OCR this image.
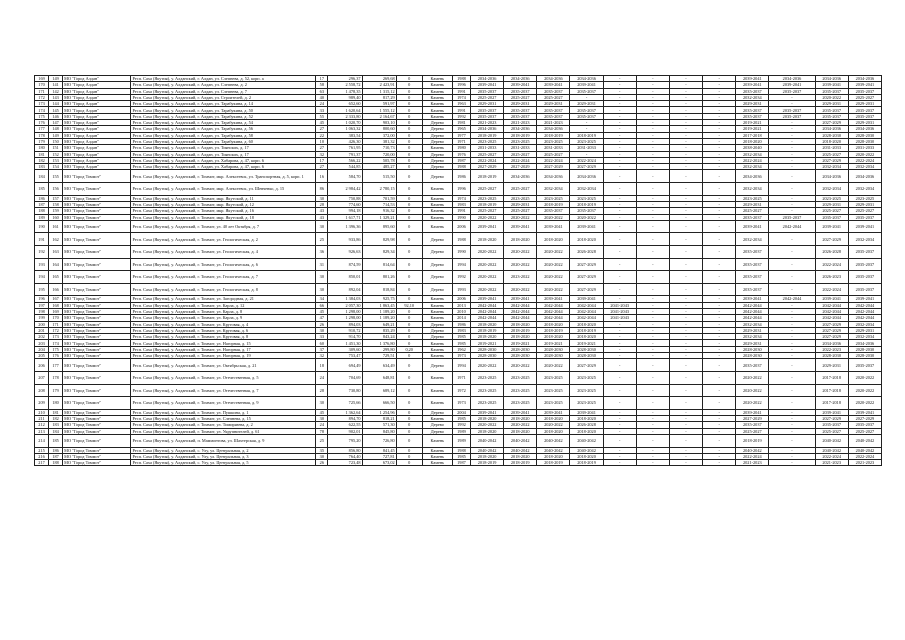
169	149	МО "Город Алдан"	Респ. Саха (Якутия), у. Алданский, г. Алдан, ул. Слепнева, д. 52, корп. а	17	296,37	269,68	0	Камень	1988	2034-2036	2034-2036	2034-2036	2034-2036	-	-	-	-	2039-2041	2034-2036	2034-2036	2034-2036
170	141	МО "Город Алдан"	Респ. Саха (Якутия), у. Алданский, г. Алдан, ул. Слепнева, д. 2	58	2 558,72	2 423,91	0	Камень	1996	2039-2041	2039-2041	2039-2041	2039-2041	-	-	-	-	2039-2041	2039-2041	2039-2041	2039-2041
171	142	МО "Город Алдан"	Респ. Саха (Якутия), у. Алданский, г. Алдан, ул. Слепнева, д. 7	63	1 478,35	1 315,12	0	Камень	1991	2035-2037	2035-2037	2035-2037	2035-2037	-	-	-	-	2035-2037	2035-2037	2035-2037	2035-2037
172	143	МО "Город Алдан"	Респ. Саха (Якутия), у. Алданский, г. Алдан, ул. Строителей, д. 2	40	989,40	817,29	0	Камень	1974	2025-2027	2025-2027	2025-2027	-	-	-	-	-	2032-2034	-	2020-2022	2025-2027
173	144	МО "Город Алдан"	Респ. Саха (Якутия), у. Алданский, г. Алдан, ул. Тарабукина, д. 14	24	652,60	591,97	0	Камень	1963	2029-2031	2029-2031	2029-2031	2029-2031	-	-	-	-	2029-2031	-	2029-2031	2029-2031
174	145	МО "Город Алдан"	Респ. Саха (Якутия), у. Алданский, г. Алдан, ул. Тарабукина, д. 50	33	1 620,64	1 555,12	0	Камень	1991	2035-2037	2035-2037	2035-2037	2035-2037	-	-	-	-	2035-2037	2035-2037	2035-2037	2035-2037
175	146	МО "Город Алдан"	Респ. Саха (Якутия), у. Алданский, г. Алдан, ул. Тарабукина, д. 52	55	2 333,80	2 164,67	0	Камень	1992	2035-2037	2035-2037	2035-2037	2035-2037	-	-	-	-	2035-2037	2035-2037	2035-2037	2035-2037
176	147	МО "Город Алдан"	Респ. Саха (Якутия), у. Алданский, г. Алдан, ул. Тарабукина, д. 54	45	1 020,70	903,10	0	Дерево	1981	2021-2023	2021-2023	2021-2023	-	-	-	-	-	2019-2021	-	2027-2029	2029-2031
177	148	МО "Город Алдан"	Респ. Саха (Якутия), у. Алданский, г. Алдан, ул. Тарабукина, д. 56	27	1 063,32	800,60	0	Дерево	1965	2034-2036	2034-2036	2034-2036	-	-	-	-	-	2019-2021	-	2034-2036	2034-2036
178	149	МО "Город Алдан"	Респ. Саха (Якутия), у. Алданский, г. Алдан, ул. Тарабукина, д. 58	22	383,54	372,00	0	Дерево	1977	2018-2019	2018-2019	2018-2019	2018-2019	-	-	-	-	2017-2018	-	2028-2030	2028-2030
179	150	МО "Город Алдан"	Респ. Саха (Якутия), у. Алданский, г. Алдан, ул. Тарабукина, д. 60	10	426,30	381,32	0	Дерево	1971	2023-2025	2023-2025	2023-2025	2023-2025	-	-	-	-	2018-2020	-	2018-2020	2028-2030
180	151	МО "Город Алдан"	Респ. Саха (Якутия), у. Алданский, г. Алдан, ул. Тоянских, д. 17	27	761,95	710,73	0	Камень	1980	2031-2033	2031-2033	2031-2033	2031-2033	-	-	-	-	2038-2040	-	2031-2033	2031-2033
181	152	МО "Город Алдан"	Респ. Саха (Якутия), у. Алданский, г. Алдан, ул. Тоянских, д. 17	32	791,37	720,00	0	Дерево	1976	2025-2027	2025-2027	2025-2027	-	-	-	-	-	2032-2034	-	2025-2027	2020-2022
182	153	МО "Город Алдан"	Респ. Саха (Якутия), у. Алданский, г. Алдан, ул. Хабарова, д. 47, корп. 6	17	566,22	505,78	0	Дерево	1987	2022-2024	2022-2024	2022-2024	2022-2024	-	-	-	-	2022-2024	-	2027-2029	2022-2024
183	154	МО "Город Алдан"	Респ. Саха (Якутия), у. Алданский, г. Алдан, ул. Хабарова, д. 47, корп. 6	27	544,85	485,27	0	Дерево	1988	2027-2029	2027-2029	2027-2029	2027-2029	-	-	-	-	2032-2034	-	2032-2034	2032-2034
184	155	МО "Город Томмот"	Респ. Саха (Якутия), у. Алданский, г. Томмот, мкр. Алексеевск, ул. Транспортная, д. 5, корп. 1	16	584,70	515,50	0	Дерево	1986	2018-2019	2034-2036	2034-2036	2034-2036	-	-	-	-	2034-2036	-	2034-2036	2034-2036
185	156	МО "Город Томмот"	Респ. Саха (Якутия), у. Алданский, г. Томмот, мкр. Алексеевск, ул. Шевченко, д. 15	86	2 984,42	2 780,15	0	Камень	1996	2025-2027	2025-2027	2032-2034	2032-2034	-	-	-	-	2032-2034	-	2032-2034	2032-2034
186	157	МО "Город Томмот"	Респ. Саха (Якутия), у. Алданский, г. Томмот, мкр. Якутский, д. 11	30	750,88	701,59	0	Камень	1974	2023-2025	2023-2025	2023-2025	2023-2025	-	-	-	-	2023-2025	-	2023-2025	2023-2025
187	158	МО "Город Томмот"	Респ. Саха (Якутия), у. Алданский, г. Томмот, мкр. Якутский, д. 12	28	774,60	714,53	0	Камень	1983	2018-2019	2029-2031	2018-2019	2018-2019	-	-	-	-	2029-2031	-	2029-2031	2029-2031
188	159	МО "Город Томмот"	Респ. Саха (Якутия), у. Алданский, г. Томмот, мкр. Якутский, д. 16	43	994,18	916,32	0	Камень	1991	2025-2027	2025-2027	2035-2037	2035-2037	-	-	-	-	2025-2027	-	2025-2027	2025-2027
189	160	МО "Город Томмот"	Респ. Саха (Якутия), у. Алданский, г. Томмот, мкр. Якутский, д. 18	43	1 617,71	1 329,21	0	Камень	1990	2020-2022	2020-2022	2020-2022	2020-2022	-	-	-	-	2035-2037	2035-2037	2035-2037	2035-2037
190	161	МО "Город Томмот"	Респ. Саха (Якутия), у. Алданский, г. Томмот, ул. 40 лет Октября, д. 7	30	1 396,36	895,60	0	Камень	2006	2039-2041	2039-2041	2039-2041	2039-2041	-	-	-	-	2039-2041	2042-2044	2039-2041	2039-2041
191	162	МО "Город Томмот"	Респ. Саха (Якутия), у. Алданский, г. Томмот, ул. Геологическая, д. 2	25	933,86	829,98	0	Дерево	1988	2018-2020	2018-2020	2018-2020	2018-2020	-	-	-	-	2032-2034	-	2027-2029	2032-2034
192	163	МО "Город Томмот"	Респ. Саха (Якутия), у. Алданский, г. Томмот, ул. Геологическая, д. 4	36	926,63	829,34	0	Дерево	1990	2020-2022	2020-2022	2020-2022	2026-2028	-	-	-	-	2035-2037	-	2026-2028	2035-2037
193	164	МО "Город Томмот"	Респ. Саха (Якутия), у. Алданский, г. Томмот, ул. Геологическая, д. 6	31	874,59	814,64	0	Дерево	1994	2020-2022	2020-2022	2020-2022	2027-2029	-	-	-	-	2035-2037	-	2022-2024	2035-2037
194	165	МО "Город Томмот"	Респ. Саха (Якутия), у. Алданский, г. Томмот, ул. Геологическая, д. 7	30	850,01	801,26	0	Дерево	1992	2020-2022	2023-2022	2020-2022	2027-2029	-	-	-	-	2035-2037	-	2026-2023	2035-2037
195	166	МО "Город Томмот"	Респ. Саха (Якутия), у. Алданский, г. Томмот, ул. Геологическая, д. 8	30	892,04	818,84	0	Дерево	1993	2020-2022	2020-2022	2020-2022	2027-2029	-	-	-	-	2035-2037	-	2022-2024	2035-2037
196	167	МО "Город Томмот"	Респ. Саха (Якутия), у. Алданский, г. Томмот, ул. Загородная, д. 21	34	1 384,03	925,75	0	Камень	2006	2039-2041	2039-2041	2039-2041	2039-2041	-	-	-	-	2039-2041	2042-2044	2039-2041	2039-2041
197	168	МО "Город Томмот"	Респ. Саха (Якутия), у. Алданский, г. Томмот, ул. Карла, д. 12	66	2 057,30	1 863,45	92,10	Камень	2013	2042-2044	2042-2044	2042-2044	2042-2044	2041-2043	-	-	-	2042-2044	-	2042-2044	2042-2044
198	169	МО "Город Томмот"	Респ. Саха (Якутия), у. Алданский, г. Томмот, ул. Карла, д. 8	45	1 298,00	1 189,20	0	Камень	2010	2042-2044	2042-2044	2042-2044	2042-2044	2041-2043	-	-	-	2042-2044	-	2042-2044	2042-2044
199	170	МО "Город Томмот"	Респ. Саха (Якутия), у. Алданский, г. Томмот, ул. Карла, д. 9	47	1 298,00	1 189,20	0	Камень	2014	2042-2044	2042-2044	2042-2044	2042-2044	2041-2043	-	-	-	2042-2044	-	2042-2044	2042-2044
200	171	МО "Город Томмот"	Респ. Саха (Якутия), у. Алданский, г. Томмот, ул. Круговая, д. 4	26	894,03	649,21	0	Дерево	1986	2018-2020	2018-2020	2018-2020	2018-2020	-	-	-	-	2032-2034	-	2027-2029	2032-2034
201	172	МО "Город Томмот"	Респ. Саха (Якутия), у. Алданский, г. Томмот, ул. Круговая, д. 6	30	910,72	835,29	0	Дерево	1983	2018-2019	2018-2019	2018-2019	2018-2019	-	-	-	-	2029-2031	-	2027-2029	2029-2031
202	173	МО "Город Томмот"	Респ. Саха (Якутия), у. Алданский, г. Томмот, ул. Круговая, д. 8	33	914,70	843,24	0	Дерево	1985	2018-2020	2018-2020	2018-2020	2018-2020	-	-	-	-	2032-2034	-	2027-2029	2032-2034
203	174	МО "Город Томмот"	Респ. Саха (Якутия), у. Алданский, г. Томмот, ул. Нагорная, д. 15	60	1 451,30	1 376,80	0	Камень	1985	2019-2021	2019-2021	2019-2021	2019-2021	-	-	-	-	2029-2031	-	2034-2036	2034-2036
204	175	МО "Город Томмот"	Респ. Саха (Якутия), у. Алданский, г. Томмот, ул. Нагорная, д. 17	37	309,60	299,80	0,20	Камень	1962	2028-2030	2028-2030	2028-2030	2028-2030	-	-	-	-	2028-2030	-	2022-2023	2028-2030
205	176	МО "Город Томмот"	Респ. Саха (Якутия), у. Алданский, г. Томмот, ул. Нагорная, д. 19	32	753,47	729,51	0	Камень	1973	2028-2030	2028-2030	2028-2030	2028-2030	-	-	-	-	2028-2030	-	2028-2030	2028-2030
206	177	МО "Город Томмот"	Респ. Саха (Якутия), у. Алданский, г. Томмот, ул. Октябрьская, д. 21	18	694,49	634,49	0	Дерево	1994	2020-2022	2020-2022	2020-2022	2027-2029	-	-	-	-	2035-2037	-	2029-2031	2035-2037
207	178	МО "Город Томмот"	Респ. Саха (Якутия), у. Алданский, г. Томмот, ул. Отечественная, д. 5	24	704,69	648,81	0	Камень	1971	2023-2025	2023-2025	2023-2025	2023-2025	-	-	-	-	2020-2022	-	2017-2018	2020-2022
208	179	МО "Город Томмот"	Респ. Саха (Якутия), у. Алданский, г. Томмот, ул. Отечественная, д. 7	28	730,80	689,12	0	Камень	1972	2023-2025	2023-2025	2023-2025	2023-2025	-	-	-	-	2020-2022	-	2017-2018	2020-2022
209	180	МО "Город Томмот"	Респ. Саха (Якутия), у. Алданский, г. Томмот, ул. Отечественная, д. 9	30	725,66	666,50	0	Камень	1973	2023-2025	2023-2025	2023-2025	2023-2025	-	-	-	-	2020-2022	-	2017-2018	2020-2022
210	181	МО "Город Томмот"	Респ. Саха (Якутия), у. Алданский, г. Томмот, ул. Пушкина, д. 1	45	1 362,64	1 254,96	0	Дерево	2004	2039-2041	2039-2041	2039-2041	2039-2041	-	-	-	-	2039-2041	-	2039-2041	2039-2041
211	182	МО "Город Томмот"	Респ. Саха (Якутия), у. Алданский, г. Томмот, ул. Слепнева, д. 15	30	894,70	818,21	0	Камень	1985	2018-2020	2018-2020	2018-2020	2018-2020	-	-	-	-	2027-2029	-	2027-2029	2027-2029
212	183	МО "Город Томмот"	Респ. Саха (Якутия), у. Алданский, г. Томмот, ул. Тимирязева, д. 2	24	622,55	571,30	0	Дерево	1992	2020-2022	2020-2022	2020-2022	2026-2028	-	-	-	-	2035-2037	-	2035-2037	2035-2037
213	184	МО "Город Томмот"	Респ. Саха (Якутия), у. Алданский, г. Томмот, ул. Укрупнителей, д. 61	78	902,01	845,80	0	Дерево	1989	2018-2020	2018-2020	2018-2020	2018-2020	-	-	-	-	2025-2027	-	2025-2027	2025-2027
214	185	МО "Город Томмот"	Респ. Саха (Якутия), у. Алданский, п. Маммонтова, ул. Шахтерская, д. 9	25	795,20	726,80	0	Камень	1989	2040-2042	2040-2042	2040-2042	2040-2042	-	-	-	-	2018-2019	-	2040-2042	2040-2042
215	186	МО "Город Томмот"	Респ. Саха (Якутия), у. Алданский, с. Улу, ул. Центральная, д. 2	35	856,80	841,45	0	Камень	1988	2040-2042	2040-2042	2040-2042	2040-2042	-	-	-	-	2040-2042	-	2040-2042	2040-2042
216	187	МО "Город Томмот"	Респ. Саха (Якутия), у. Алданский, с. Улу, ул. Центральная, д. 3	30	764,40	727,81	0	Камень	1985	2018-2020	2018-2020	2018-2020	2018-2020	-	-	-	-	2022-2024	-	2022-2024	2022-2024
217	188	МО "Город Томмот"	Респ. Саха (Якутия), у. Алданский, с. Улу, ул. Центральная, д. 5	26	723,48	673,02	0	Камень	1987	2018-2019	2018-2019	2018-2019	2018-2019	-	-	-	-	2021-2023	-	2021-2023	2021-2023
